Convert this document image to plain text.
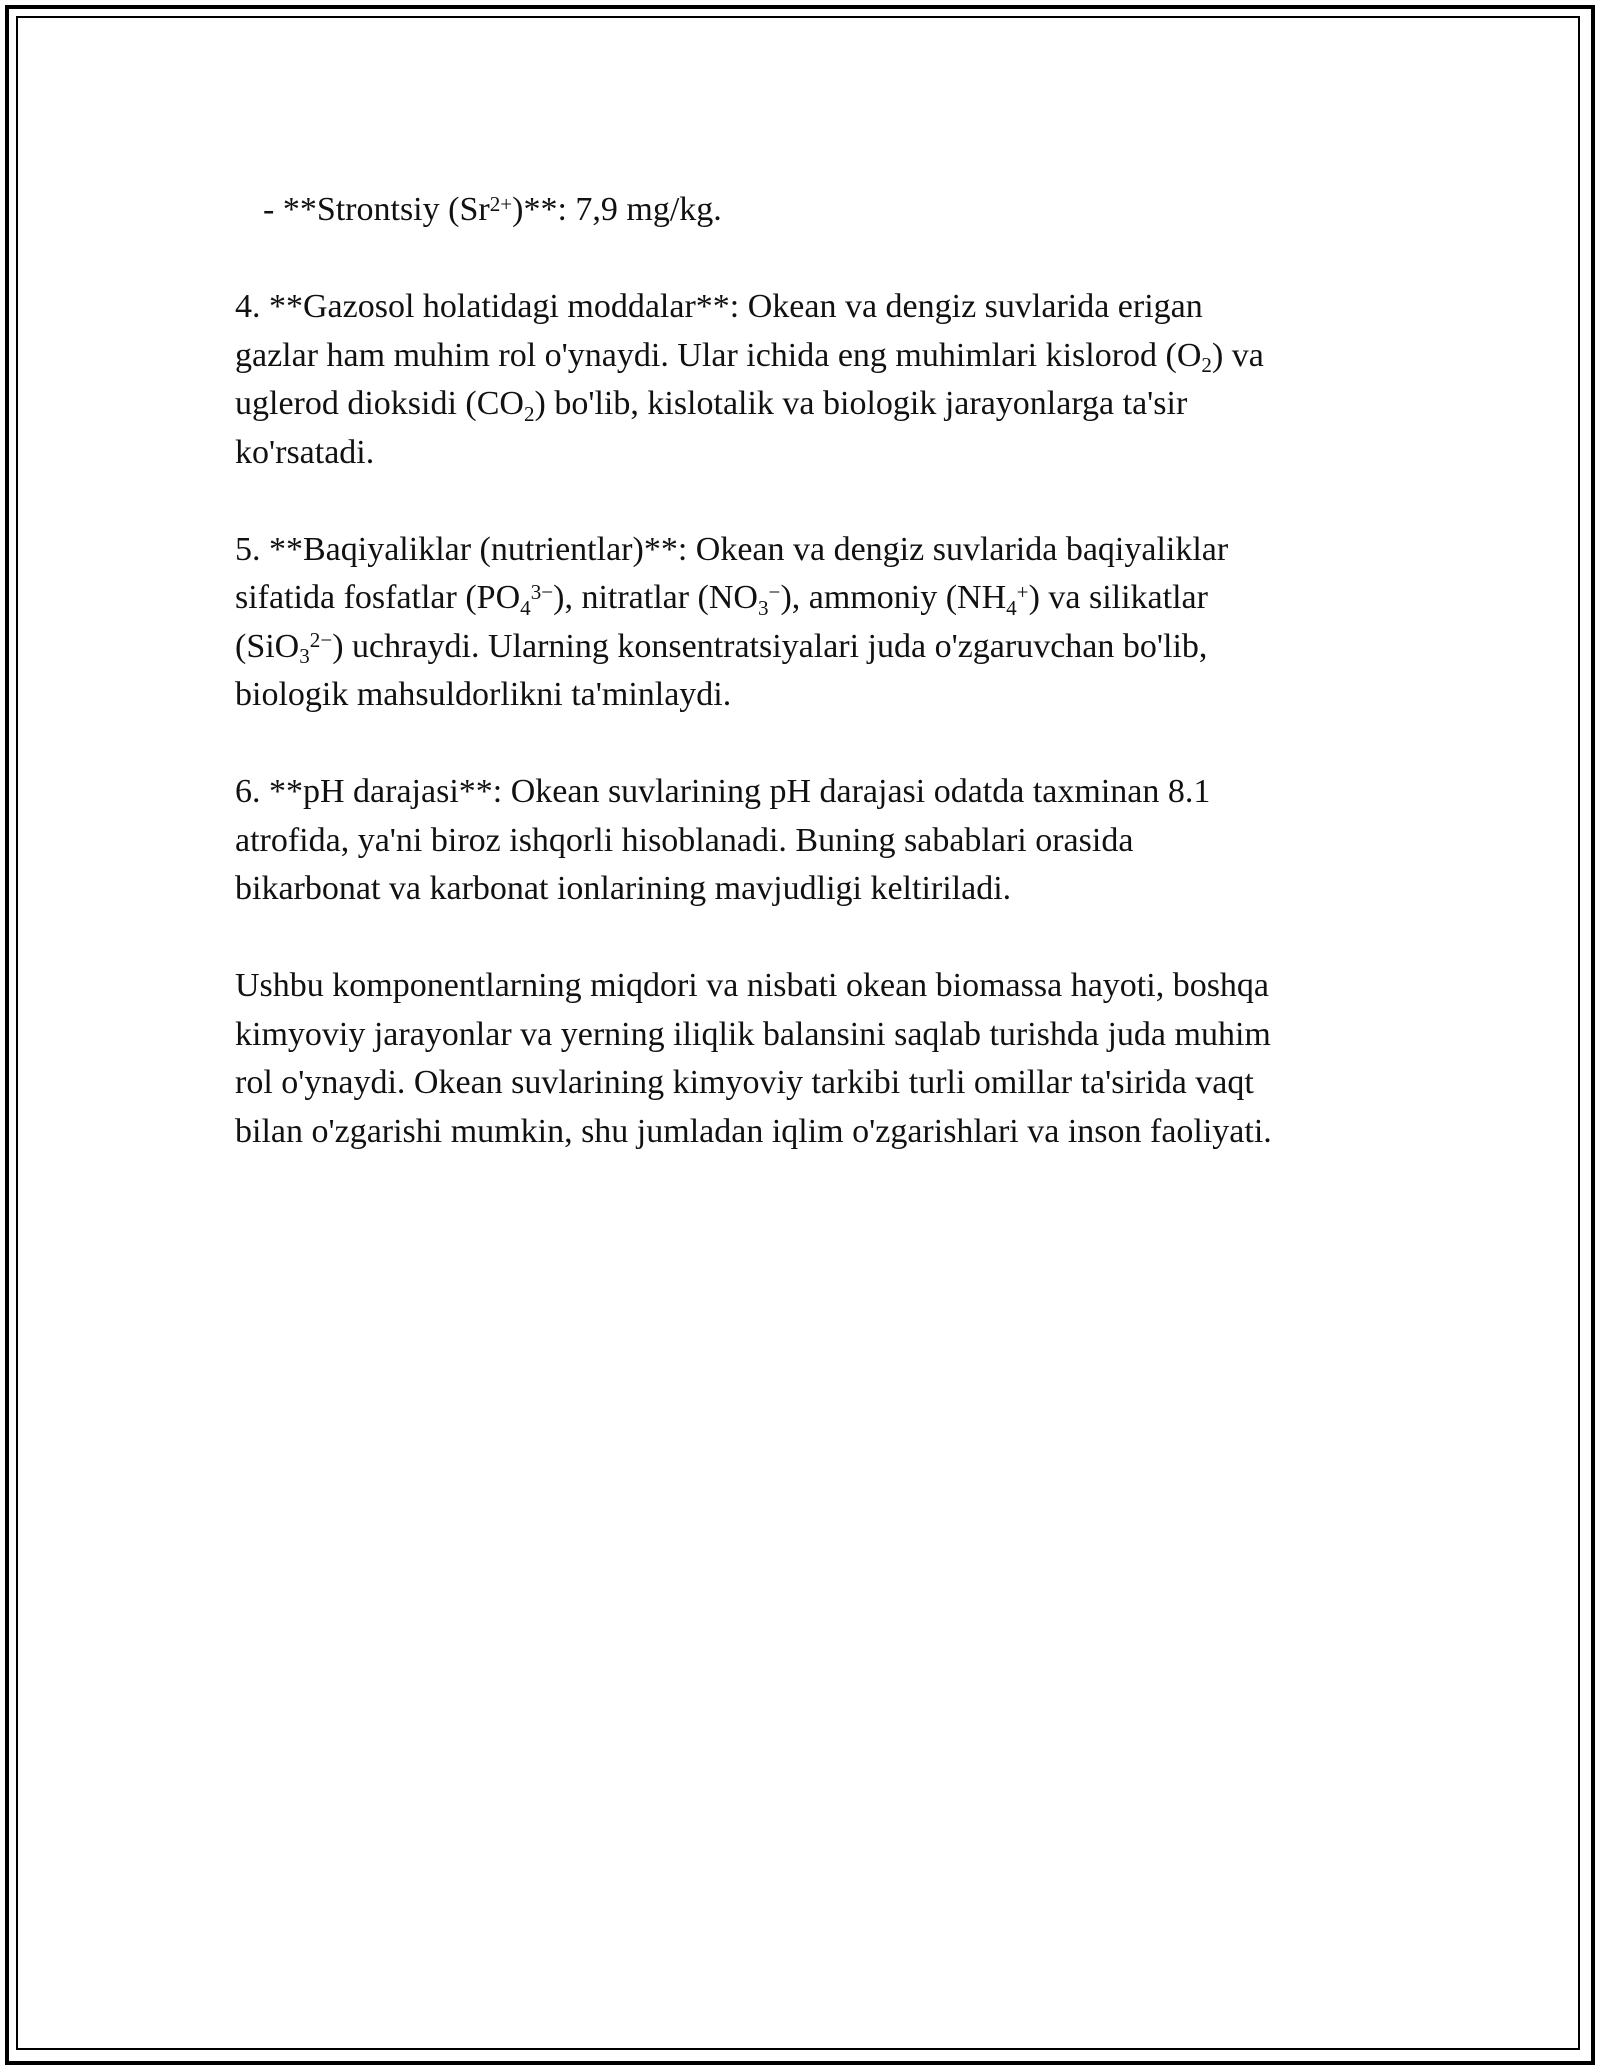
- **Strontsiy $(Sr^{2+})**$: 7,9 mg/kg.
4. **Gazosol holatidagi moddalar**: Okean va dengiz suvlarida erigan
gazlar ham muhim rol o'ynaydi. Ular ichida eng muhimlari kislorod $(O_2)$ va
uglerod dioksidi $(CO_2)$ bo'lib, kislotalik va biologik jarayonlarga ta'sir
ko'rsatadi.
5. **Baqiyaliklar (nutrientlar)**: Okean va dengiz suvlarida baqiyaliklar
sifatida fosfatlar $(PO_4^{3-})$, nitratlar $(NO_3^-)$, ammoniy $(NH_4^+)$ va silikatlar
(SiO$_3^{2-}$) uchraydi. Ularning konsentratsiyalari juda o'zgaruvchan bo'lib,
biologik mahsuldorlikni ta'minlaydi.
6. **pH darajasi**: Okean suvlarining pH darajasi odatda taxminan 8.1
atrofida, ya'ni biroz ishqorli hisoblanadi. Buning sabablari orasida
bikarbonat va karbonat ionlarining mavjudligi keltiriladi.
Ushbu komponentlarning miqdori va nisbati okean biomassa hayoti, boshqa
kimyoviy jarayonlar va yerning iliqlik balansini saqlab turishda juda muhim
rol o'ynaydi. Okean suvlarining kimyoviy tarkibi turli omillar ta'sirida vaqt
bilan o'zgarishi mumkin, shu jumladan iqlim o'zgarishlari va inson faoliyati.
